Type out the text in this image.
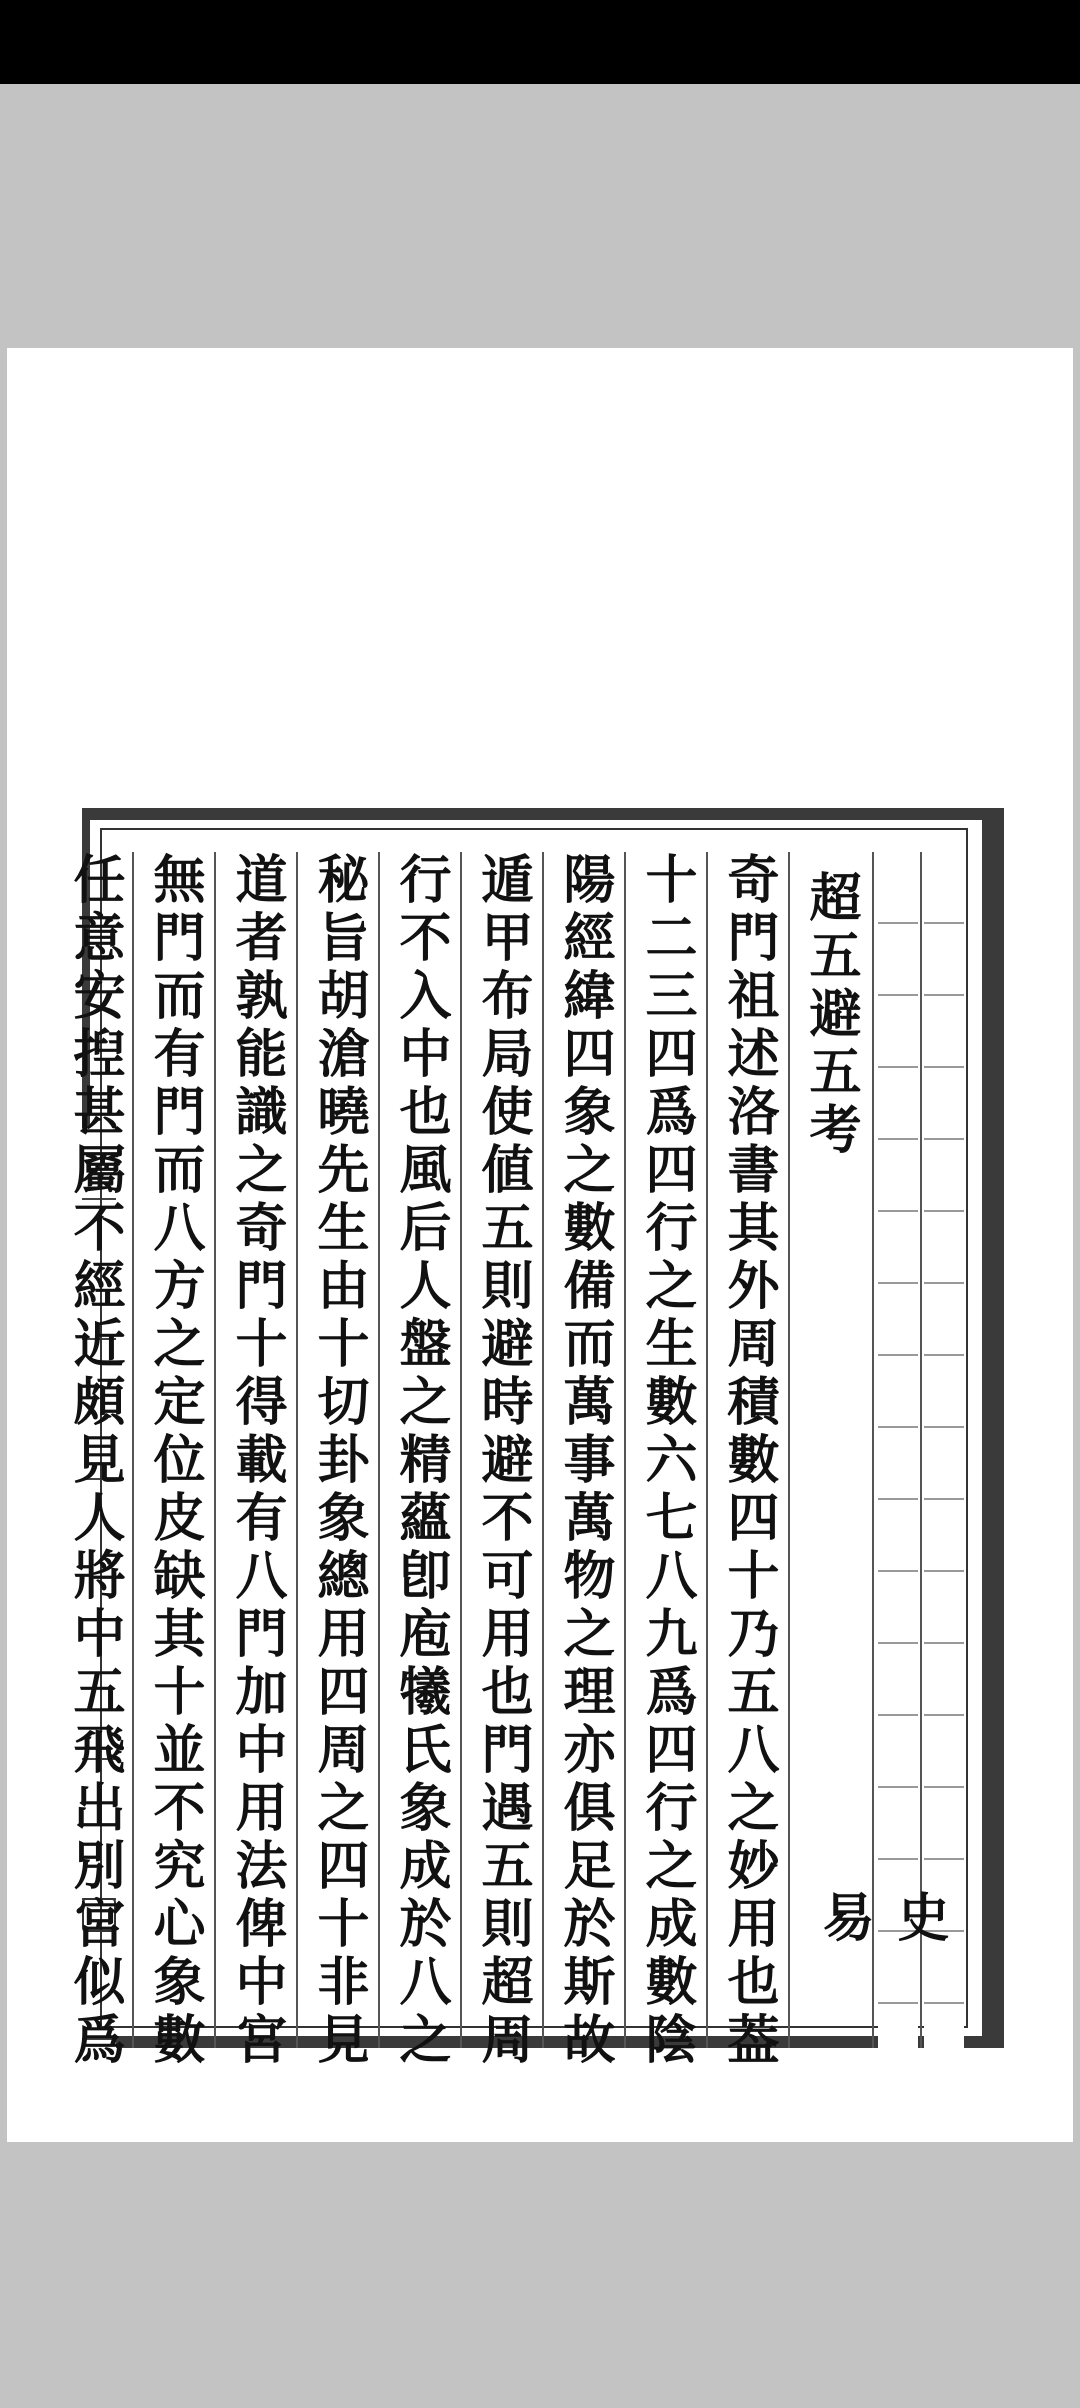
超五避五考
史 易
奇門祖述洛書其外周積數四十乃五八之妙用也葢
十二三四爲四行之生數六七八九爲四行之成數陰
陽經緯四象之數備而萬事萬物之理亦俱足於斯故
遁甲布局使値五則避時避不可用也門遇五則超周
行不入中也風后人盤之精蘊卽庖犧氏象成於八之
秘旨胡滄曉先生由十切卦象總用四周之四十非見
道者孰能識之奇門十得載有八門加中用法俾中宮
無門而有門而八方之定位皮缺其十並不究心象數
任意安揑甚屬不經近頗見人將中五飛出別宮似爲
